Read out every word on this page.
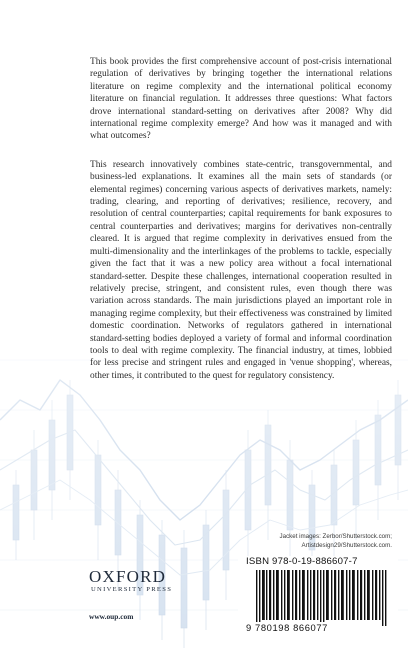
This book provides the first comprehensive account of post-crisis international regulation of derivatives by bringing together the international relations literature on regime complexity and the international political economy literature on financial regulation. It addresses three questions: What factors drove international standard-setting on derivatives after 2008? Why did international regime complexity emerge? And how was it managed and with what outcomes?

This research innovatively combines state-centric, transgovernmental, and business-led explanations. It examines all the main sets of standards (or elemental regimes) concerning various aspects of derivatives markets, namely: trading, clearing, and reporting of derivatives; resilience, recovery, and resolution of central counterparties; capital requirements for bank exposures to central counterparties and derivatives; margins for derivatives non-centrally cleared. It is argued that regime complexity in derivatives ensued from the multi-dimensionality and the interlinkages of the problems to tackle, especially given the fact that it was a new policy area without a focal international standard-setter. Despite these challenges, international cooperation resulted in relatively precise, stringent, and consistent rules, even though there was variation across standards. The main jurisdictions played an important role in managing regime complexity, but their effectiveness was constrained by limited domestic coordination. Networks of regulators gathered in international standard-setting bodies deployed a variety of formal and informal coordination tools to deal with regime complexity. The financial industry, at times, lobbied for less precise and stringent rules and engaged in 'venue shopping', whereas, other times, it contributed to the quest for regulatory consistency.

Jacket images: Zerbor/Shutterstock.com;
Artistdesign29/Shutterstock.com.
OXFORD
UNIVERSITY PRESS
www.oup.com
ISBN 978-0-19-886607-7
9 780198 866077
